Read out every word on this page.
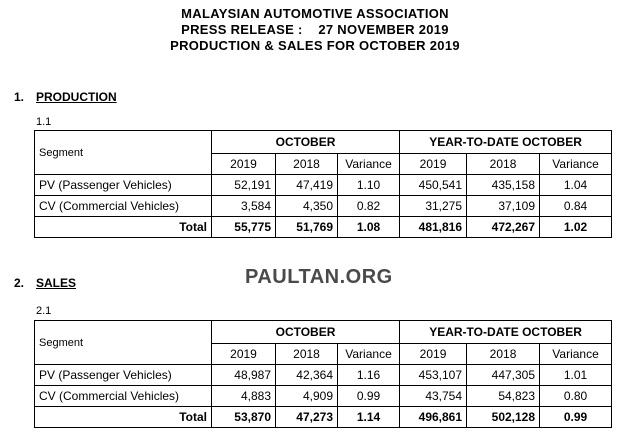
MALAYSIAN AUTOMOTIVE ASSOCIATION
PRESS RELEASE :    27 NOVEMBER 2019
PRODUCTION & SALES FOR OCTOBER 2019
1. PRODUCTION
1.1
Segment	OCTOBER			YEAR-TO-DATE OCTOBER		
	2019	2018	Variance	2019	2018	Variance
PV (Passenger Vehicles)	52,191	47,419	1.10	450,541	435,158	1.04
CV (Commercial Vehicles)	3,584	4,350	0.82	31,275	37,109	0.84
Total	55,775	51,769	1.08	481,816	472,267	1.02
PAULTAN.ORG
2. SALES
2.1
Segment	OCTOBER			YEAR-TO-DATE OCTOBER		
	2019	2018	Variance	2019	2018	Variance
PV (Passenger Vehicles)	48,987	42,364	1.16	453,107	447,305	1.01
CV (Commercial Vehicles)	4,883	4,909	0.99	43,754	54,823	0.80
Total	53,870	47,273	1.14	496,861	502,128	0.99
